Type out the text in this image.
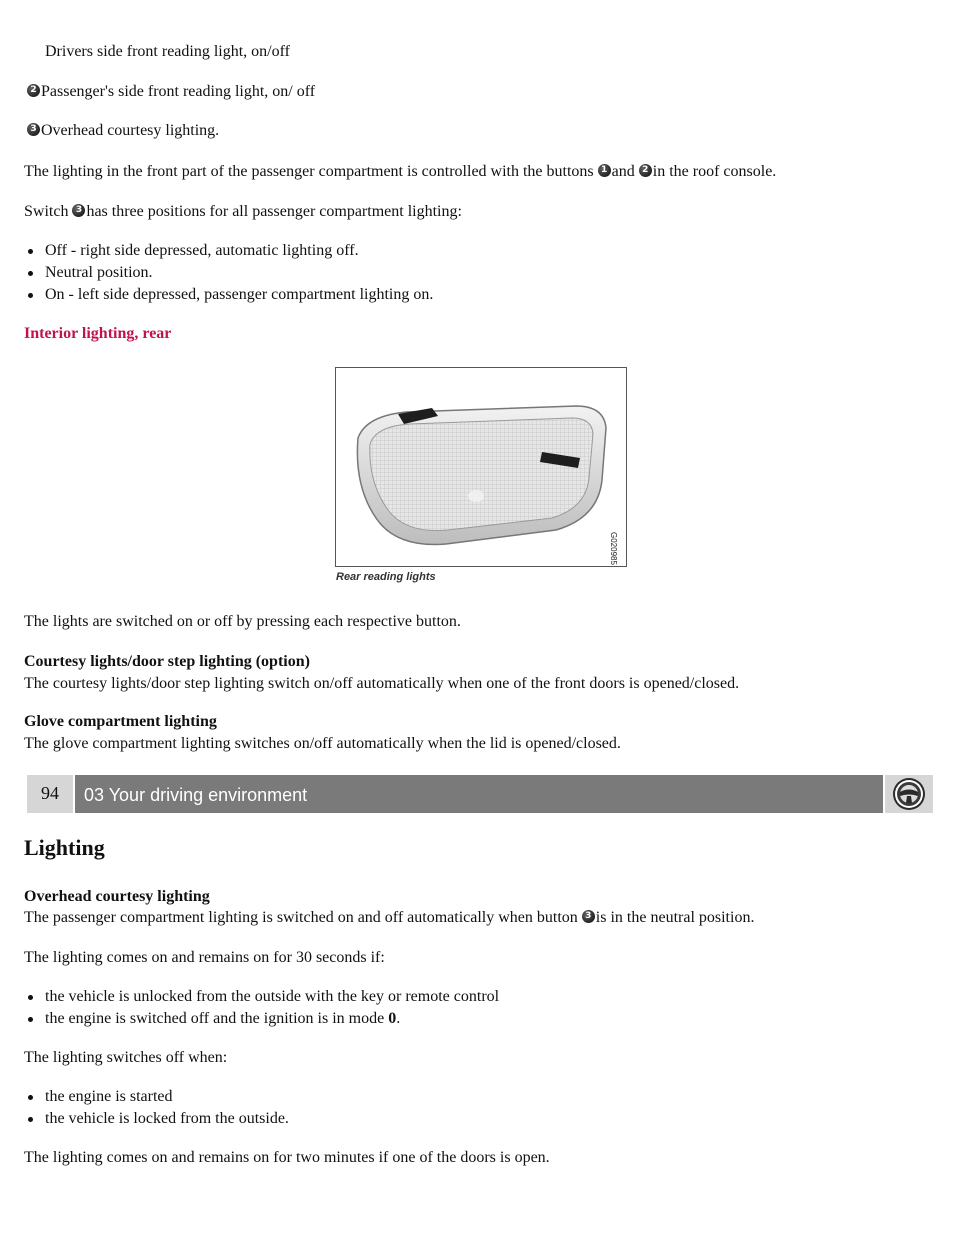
Drivers side front reading light, on/off
2 Passenger's side front reading light, on/ off
3 Overhead courtesy lighting.
The lighting in the front part of the passenger compartment is controlled with the buttons 1 and 2 in the roof console.
Switch 3 has three positions for all passenger compartment lighting:
Off - right side depressed, automatic lighting off.
Neutral position.
On - left side depressed, passenger compartment lighting on.
Interior lighting, rear
G020985
Rear reading lights
The lights are switched on or off by pressing each respective button.
Courtesy lights/door step lighting (option)
The courtesy lights/door step lighting switch on/off automatically when one of the front doors is opened/closed.
Glove compartment lighting
The glove compartment lighting switches on/off automatically when the lid is opened/closed.
94	03 Your driving environment
Lighting
Overhead courtesy lighting
The passenger compartment lighting is switched on and off automatically when button 3 is in the neutral position.
The lighting comes on and remains on for 30 seconds if:
the vehicle is unlocked from the outside with the key or remote control
the engine is switched off and the ignition is in mode 0.
The lighting switches off when:
the engine is started
the vehicle is locked from the outside.
The lighting comes on and remains on for two minutes if one of the doors is open.
